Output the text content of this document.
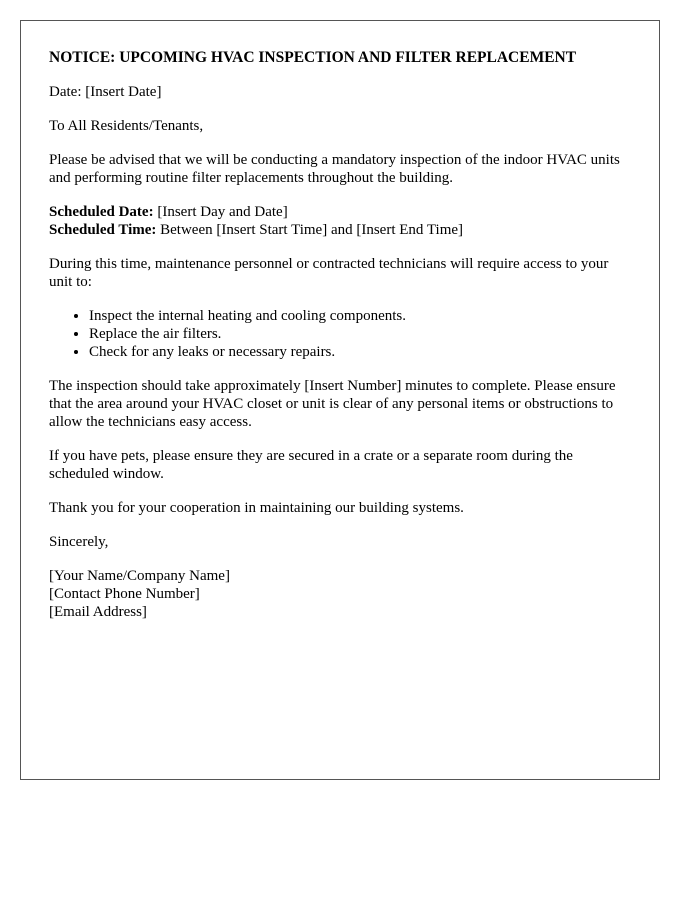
NOTICE: UPCOMING HVAC INSPECTION AND FILTER REPLACEMENT

Date: [Insert Date]

To All Residents/Tenants,

Please be advised that we will be conducting a mandatory inspection of the indoor HVAC units and performing routine filter replacements throughout the building.

Scheduled Date: [Insert Day and Date]
Scheduled Time: Between [Insert Start Time] and [Insert End Time]

During this time, maintenance personnel or contracted technicians will require access to your unit to:

• Inspect the internal heating and cooling components.
• Replace the air filters.
• Check for any leaks or necessary repairs.

The inspection should take approximately [Insert Number] minutes to complete. Please ensure that the area around your HVAC closet or unit is clear of any personal items or obstructions to allow the technicians easy access.

If you have pets, please ensure they are secured in a crate or a separate room during the scheduled window.

Thank you for your cooperation in maintaining our building systems.

Sincerely,

[Your Name/Company Name]
[Contact Phone Number]
[Email Address]
